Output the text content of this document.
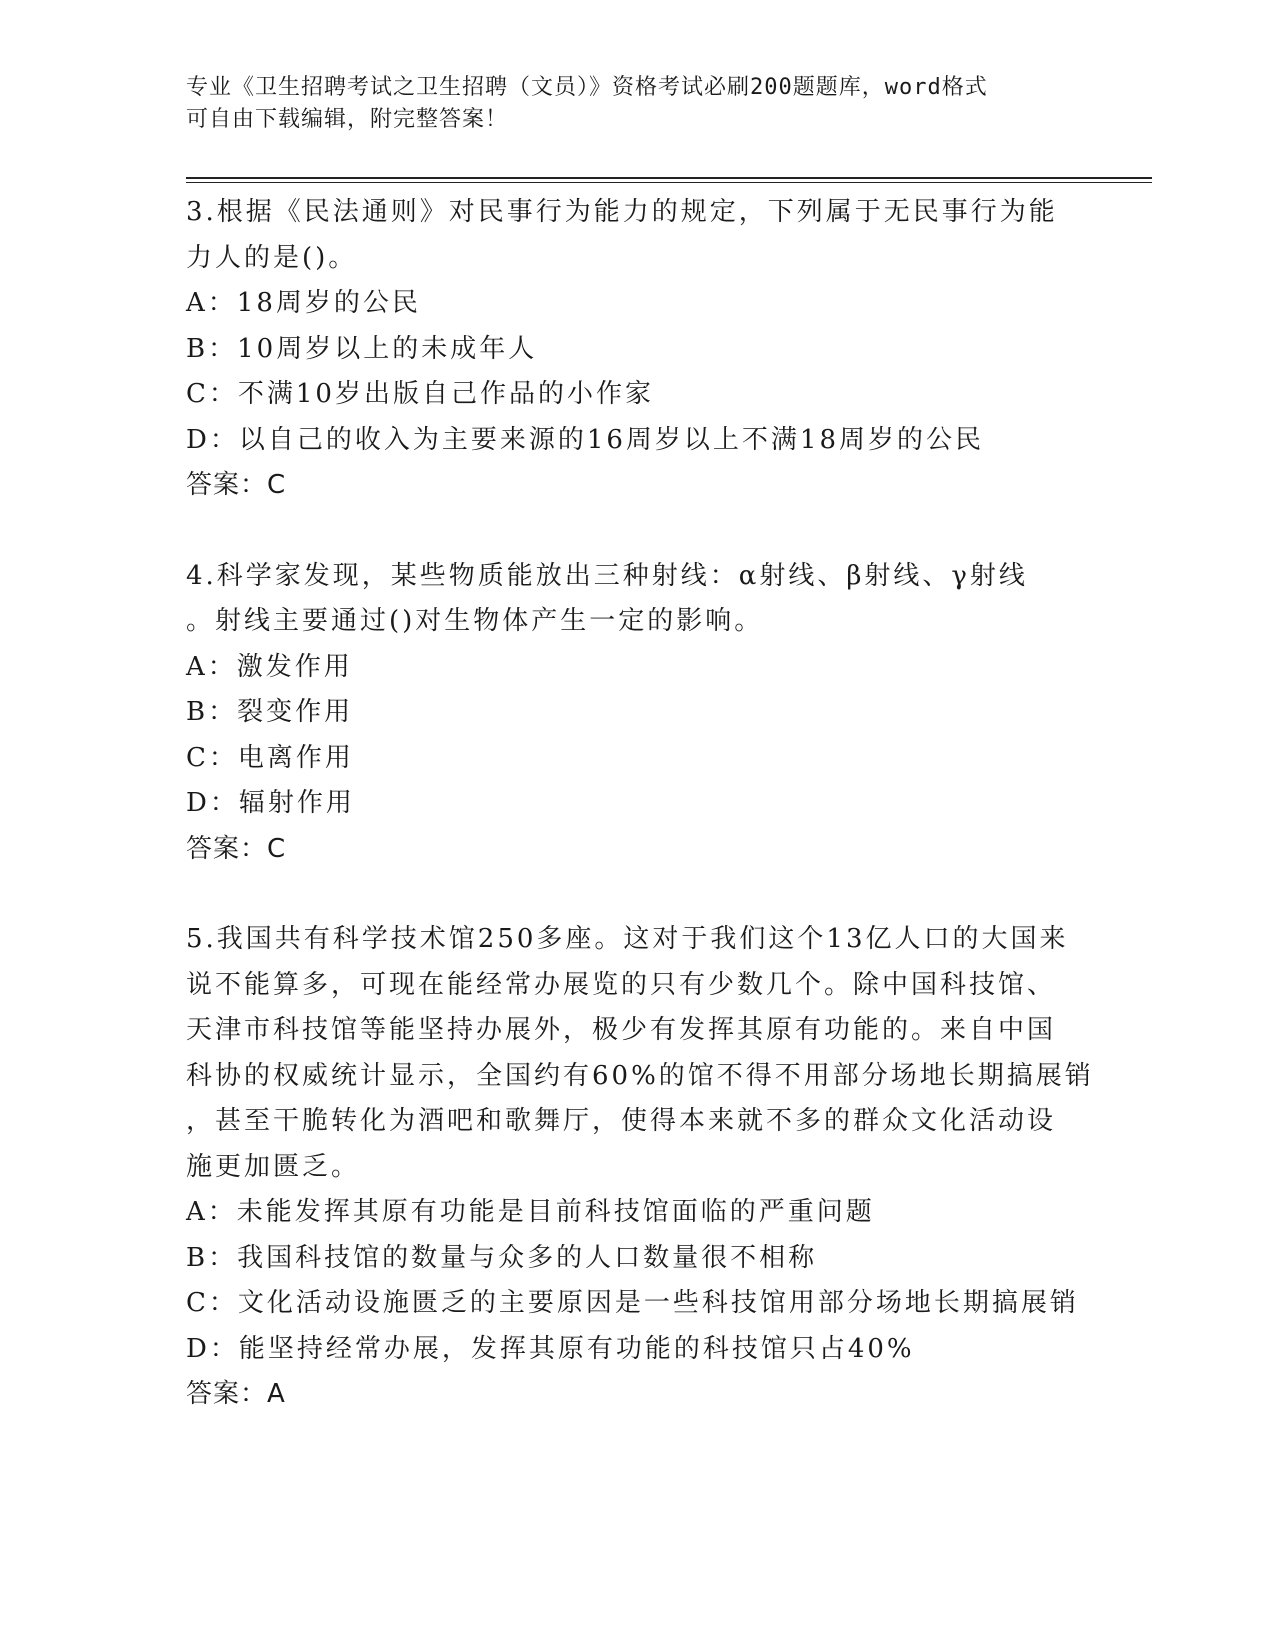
专业《卫生招聘考试之卫生招聘（文员）》资格考试必刷200题题库，word格式
可自由下载编辑，附完整答案！
3.根据《民法通则》对民事行为能力的规定，下列属于无民事行为能
力人的是()。
A：18周岁的公民
B：10周岁以上的未成年人
C：不满10岁出版自己作品的小作家
D：以自己的收入为主要来源的16周岁以上不满18周岁的公民
答案：C
4.科学家发现，某些物质能放出三种射线：α射线、β射线、γ射线
。射线主要通过()对生物体产生一定的影响。
A：激发作用
B：裂变作用
C：电离作用
D：辐射作用
答案：C
5.我国共有科学技术馆250多座。这对于我们这个13亿人口的大国来
说不能算多，可现在能经常办展览的只有少数几个。除中国科技馆、
天津市科技馆等能坚持办展外，极少有发挥其原有功能的。来自中国
科协的权威统计显示，全国约有60%的馆不得不用部分场地长期搞展销
，甚至干脆转化为酒吧和歌舞厅，使得本来就不多的群众文化活动设
施更加匮乏。
A：未能发挥其原有功能是目前科技馆面临的严重问题
B：我国科技馆的数量与众多的人口数量很不相称
C：文化活动设施匮乏的主要原因是一些科技馆用部分场地长期搞展销
D：能坚持经常办展，发挥其原有功能的科技馆只占40%
答案：A
